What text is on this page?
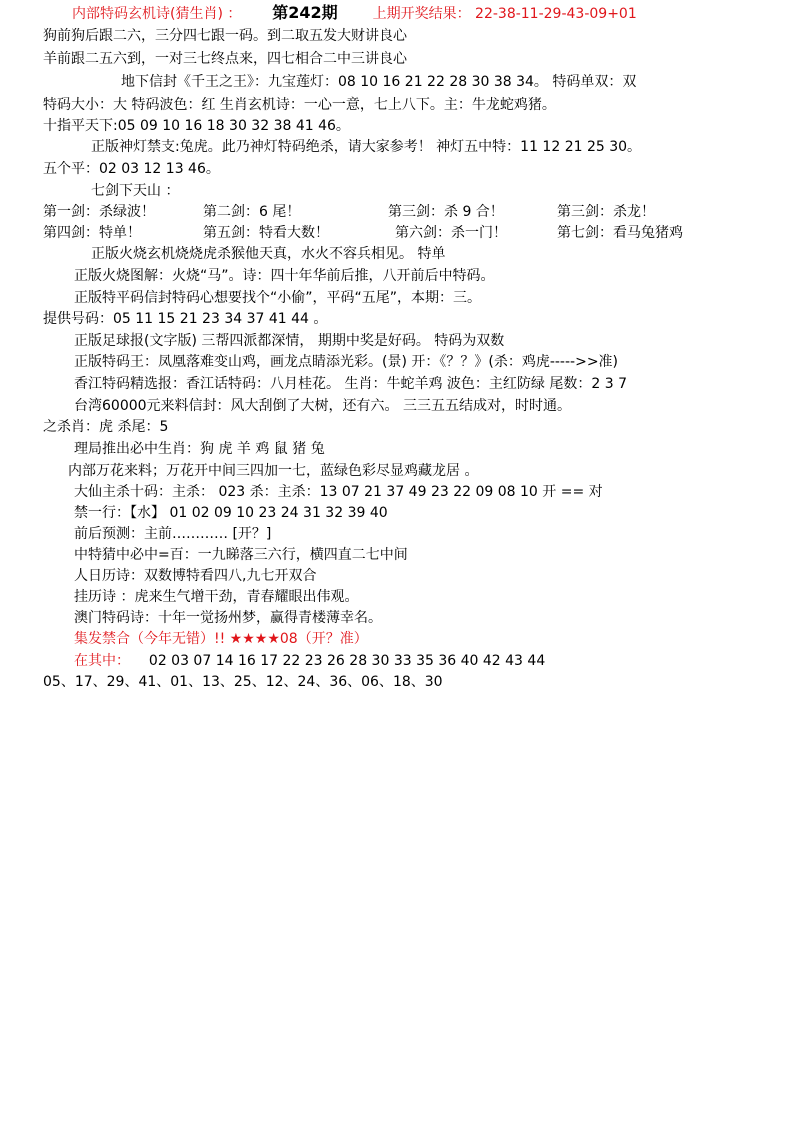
内部特码玄机诗(猜生肖) ： 第242期 上期开奖结果： 22-38-11-29-43-09+01
狗前狗后跟二六，三分四七跟一码。到二取五发大财讲良心
羊前跟二五六到，一对三七终点来，四七相合二中三讲良心
地下信封《千王之王》：九宝莲灯：08 10 16 21 22 28 30 38 34。 特码单双：双
特码大小：大 特码波色：红 生肖玄机诗：一心一意，七上八下。主：牛龙蛇鸡猪。
十指平天下:05 09 10 16 18 30 32 38 41 46。
正版神灯禁支:兔虎。此乃神灯特码绝杀，请大家参考！ 神灯五中特：11 12 21 25 30。
五个平：02 03 12 13 46。
七剑下天山 ：
第一剑：杀绿波！	第二剑：6 尾！	第三剑：杀 9 合！	第三剑：杀龙！
第四剑：特单！	第五剑：特看大数！	第六剑：杀一门！	第七剑：看马兔猪鸡
正版火烧玄机烧烧虎杀猴他天真，水火不容兵相见。 特单
正版火烧图解：火烧“马”。诗：四十年华前后推，八开前后中特码。
正版特平码信封特码心想要找个“小偷”，平码“五尾”，本期：三。
提供号码：05 11 15 21 23 34 37 41 44 。
正版足球报(文字版) 三帮四派都深情， 期期中奖是好码。 特码为双数
正版特码王：凤凰落难变山鸡，画龙点睛添光彩。(景) 开：《？？》(杀：鸡虎----->>准)
香江特码精选报：香江话特码：八月桂花。 生肖：牛蛇羊鸡 波色：主红防绿 尾数：2 3 7
台湾60000元来料信封：风大刮倒了大树，还有六。 三三五五结成对，时时通。
之杀肖：虎 杀尾：5
理局推出必中生肖：狗 虎 羊 鸡 鼠 猪 兔
内部万花来料；万花开中间三四加一七，蓝绿色彩尽显鸡藏龙居 。
大仙主杀十码：主杀： 023 杀：主杀：13 07 21 37 49 23 22 09 08 10 开 == 对
禁一行：【水】 01 02 09 10 23 24 31 32 39 40
前后预测：主前………… [开？]
中特猜中必中=百：一九睇落三六行，横四直二七中间
人日历诗：双数博特看四八,九七开双合
挂历诗 ：虎来生气增干劲，青春耀眼出伟观。
澳门特码诗：十年一觉扬州梦，赢得青楼薄幸名。
集发禁合（今年无错）!! ★★★★08（开？准）
在其中： 02 03 07 14 16 17 22 23 26 28 30 33 35 36 40 42 43 44
05、17、29、41、01、13、25、12、24、36、06、18、30
